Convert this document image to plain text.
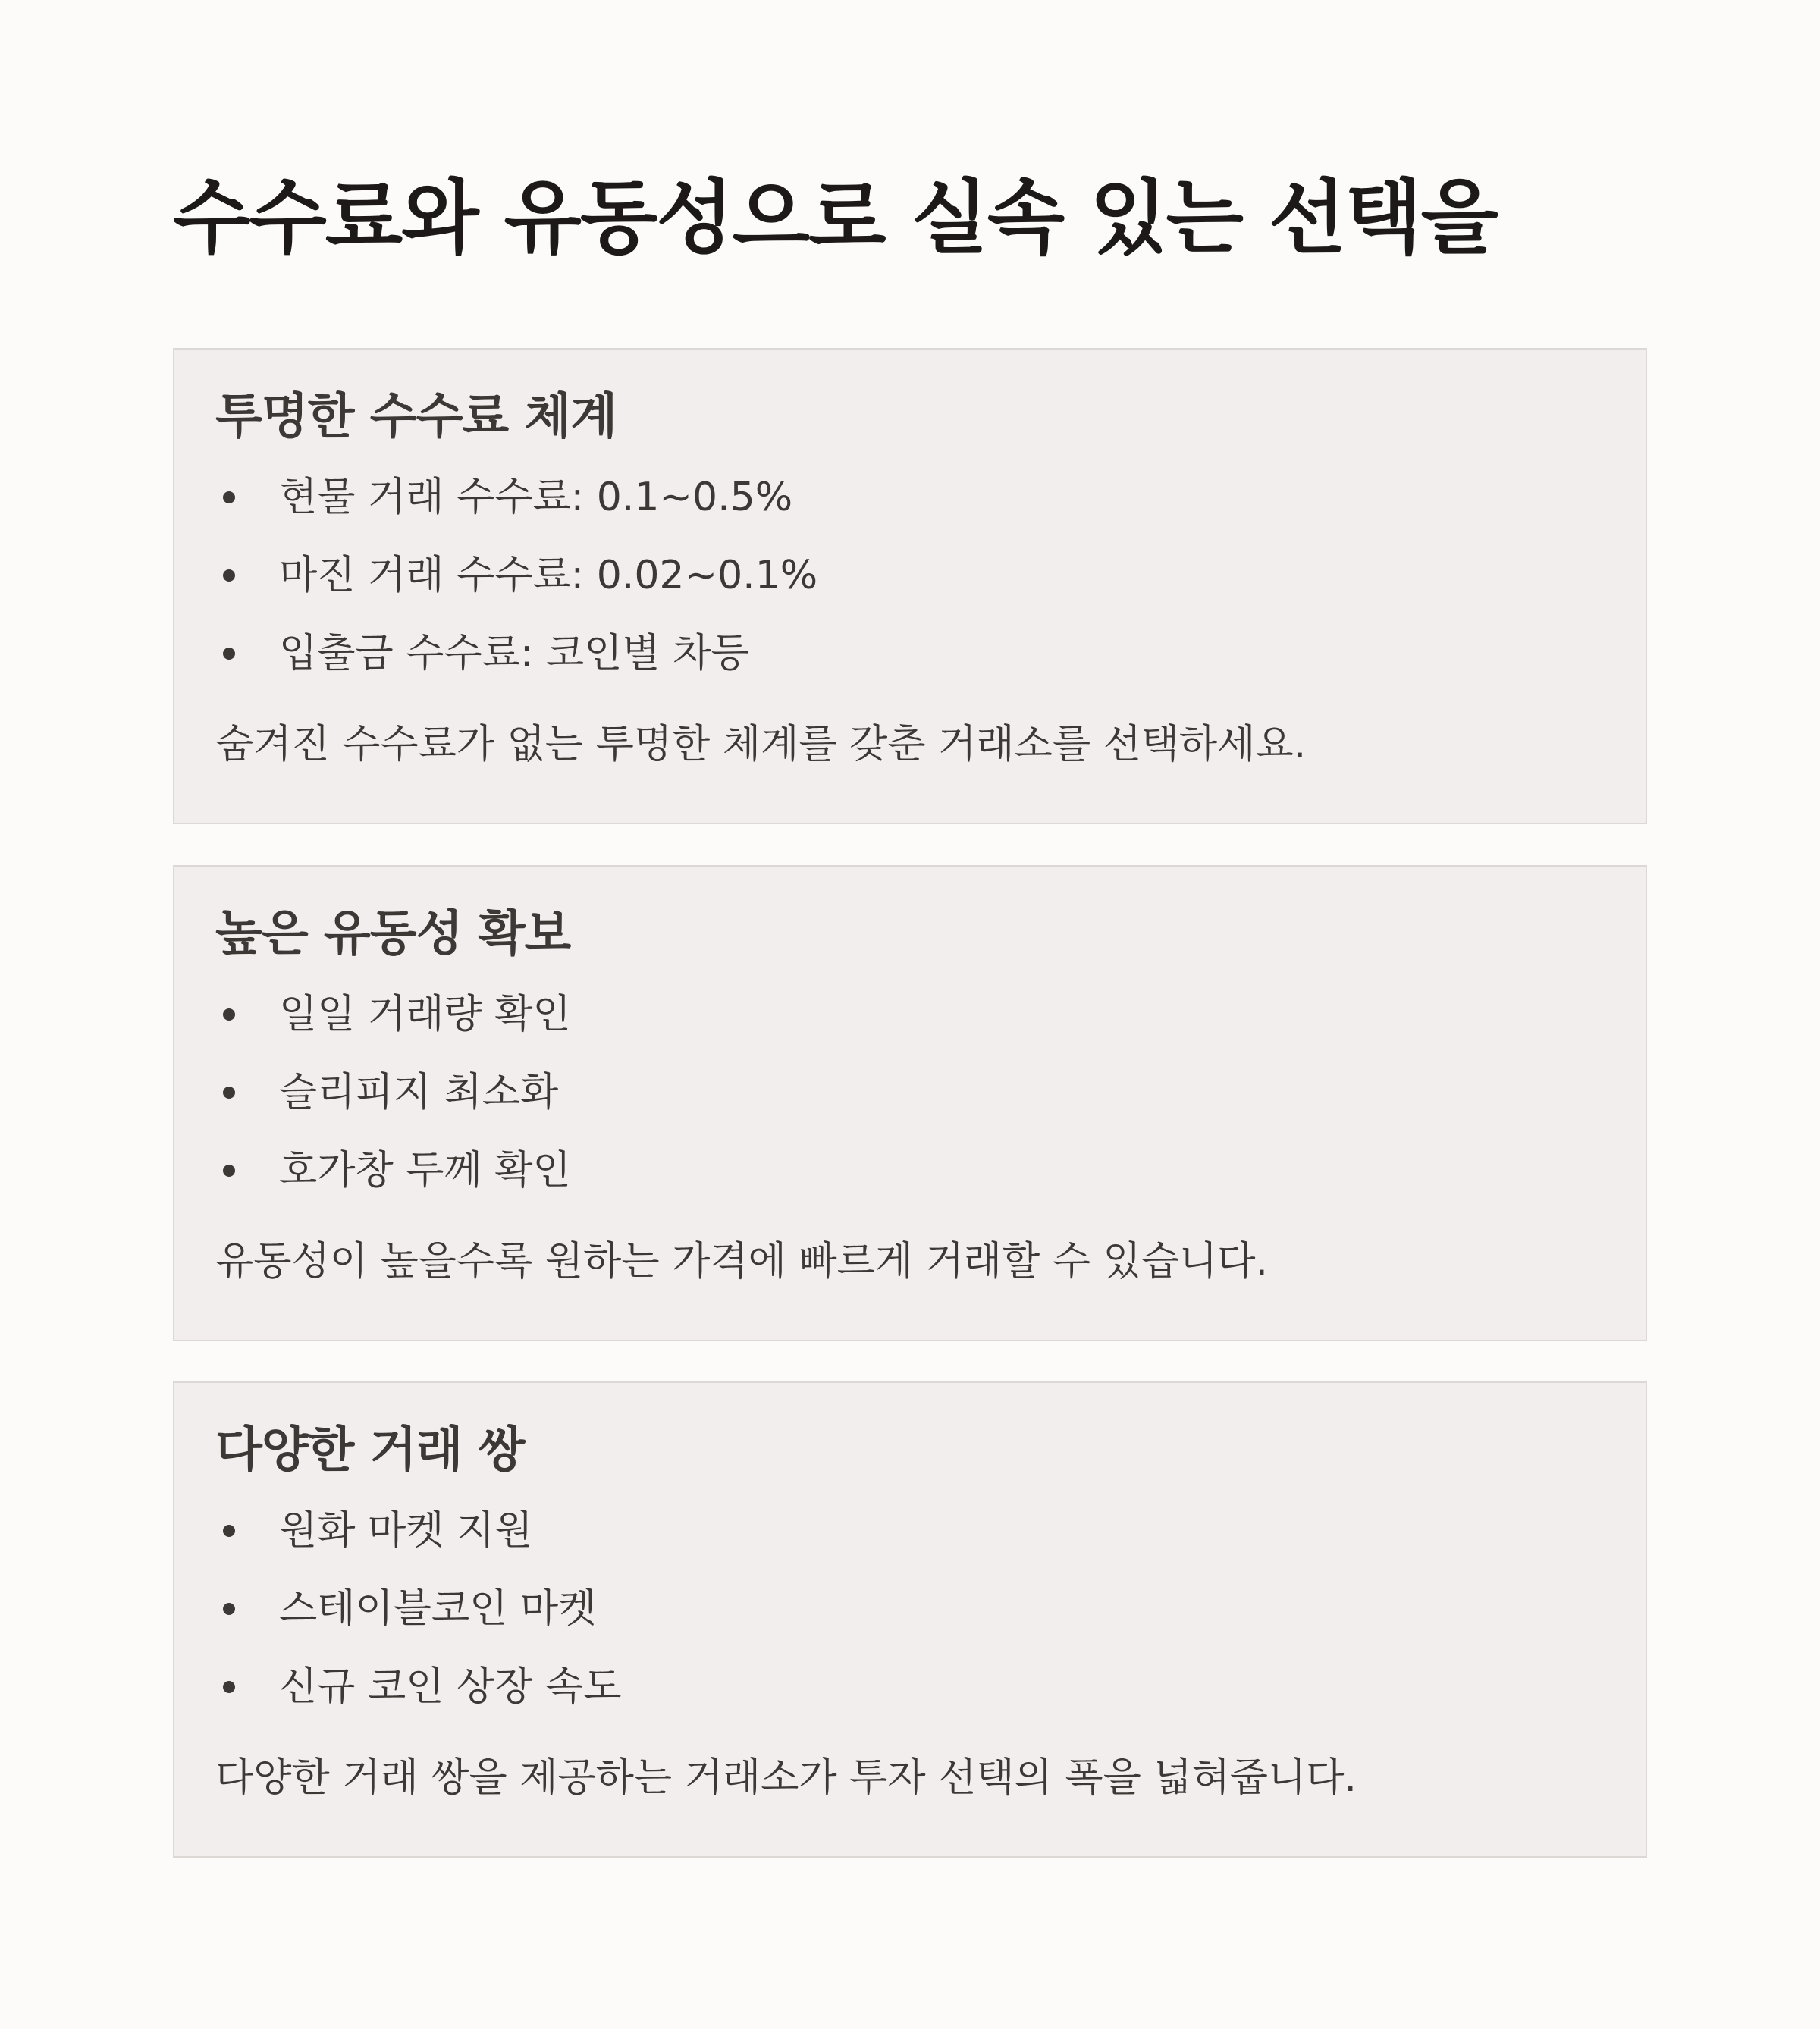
수수료와 유동성으로 실속 있는 선택을
투명한 수수료 체계
현물 거래 수수료: 0.1~0.5%
마진 거래 수수료: 0.02~0.1%
입출금 수수료: 코인별 차등

숨겨진 수수료가 없는 투명한 체계를 갖춘 거래소를 선택하세요.

높은 유동성 확보
일일 거래량 확인
슬리피지 최소화
호가창 두께 확인

유동성이 높을수록 원하는 가격에 빠르게 거래할 수 있습니다.

다양한 거래 쌍
원화 마켓 지원
스테이블코인 마켓
신규 코인 상장 속도

다양한 거래 쌍을 제공하는 거래소가 투자 선택의 폭을 넓혀줍니다.
